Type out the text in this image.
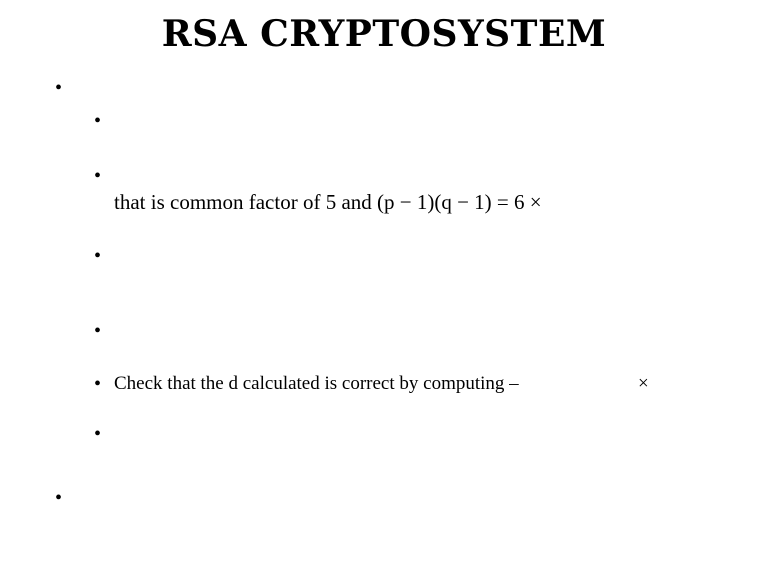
RSA CRYPTOSYSTEM
•
•
•
that is common factor of 5 and (p − 1)(q − 1) = 6 ×
•
•
• Check that the d calculated is correct by computing –	×
•
•
